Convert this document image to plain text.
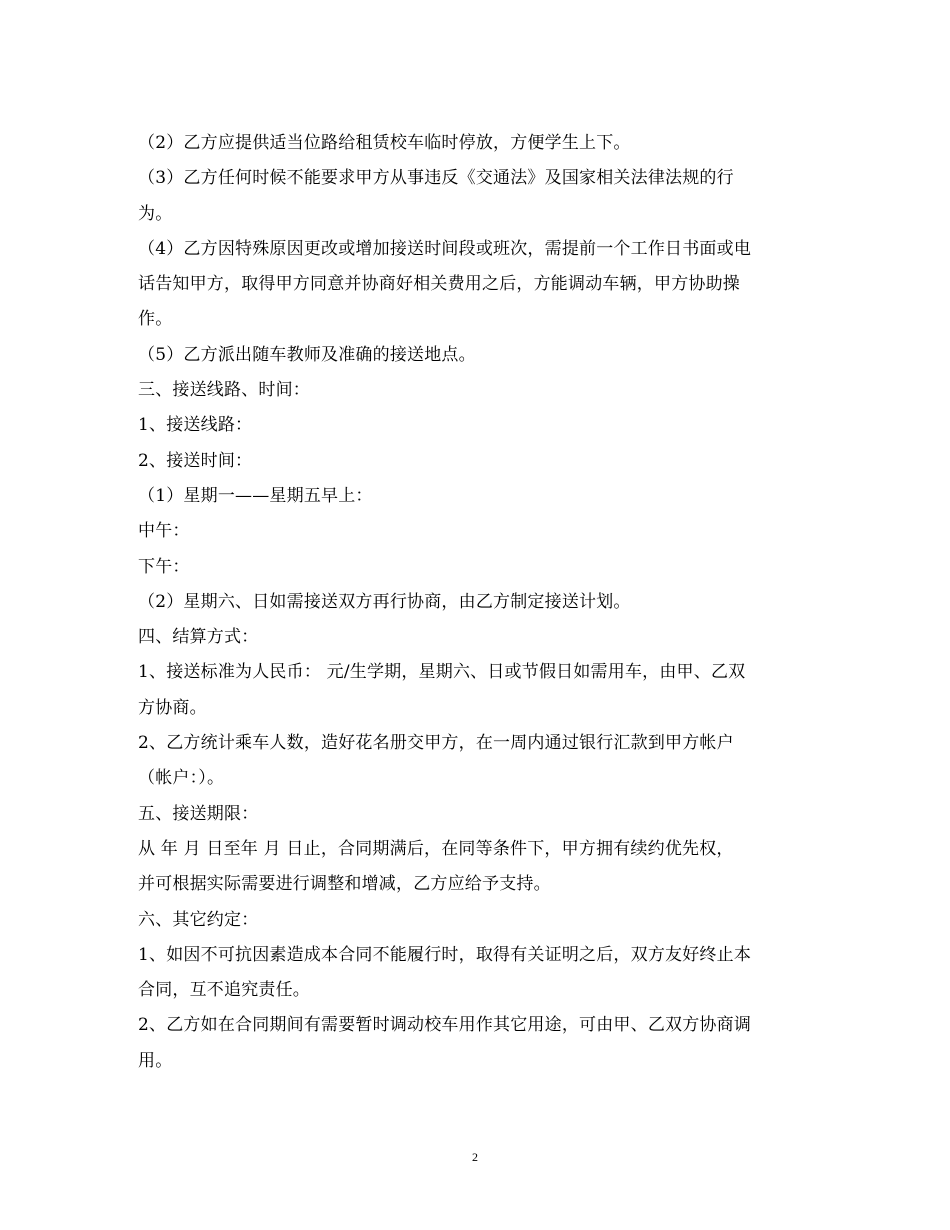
（2）乙方应提供适当位路给租赁校车临时停放，方便学生上下。
（3）乙方任何时候不能要求甲方从事违反《交通法》及国家相关法律法规的行
为。
（4）乙方因特殊原因更改或增加接送时间段或班次，需提前一个工作日书面或电
话告知甲方，取得甲方同意并协商好相关费用之后，方能调动车辆，甲方协助操
作。
（5）乙方派出随车教师及准确的接送地点。
三、接送线路、时间：
1、接送线路：
2、接送时间：
（1）星期一——星期五早上：
中午：
下午：
（2）星期六、日如需接送双方再行协商，由乙方制定接送计划。
四、结算方式：
1、接送标准为人民币： 元/生学期，星期六、日或节假日如需用车，由甲、乙双
方协商。
2、乙方统计乘车人数，造好花名册交甲方，在一周内通过银行汇款到甲方帐户
（帐户：）。
五、接送期限：
从 年 月 日至年 月 日止，合同期满后，在同等条件下，甲方拥有续约优先权，
并可根据实际需要进行调整和增减，乙方应给予支持。
六、其它约定：
1、如因不可抗因素造成本合同不能履行时，取得有关证明之后，双方友好终止本
合同，互不追究责任。
2、乙方如在合同期间有需要暂时调动校车用作其它用途，可由甲、乙双方协商调
用。
2
